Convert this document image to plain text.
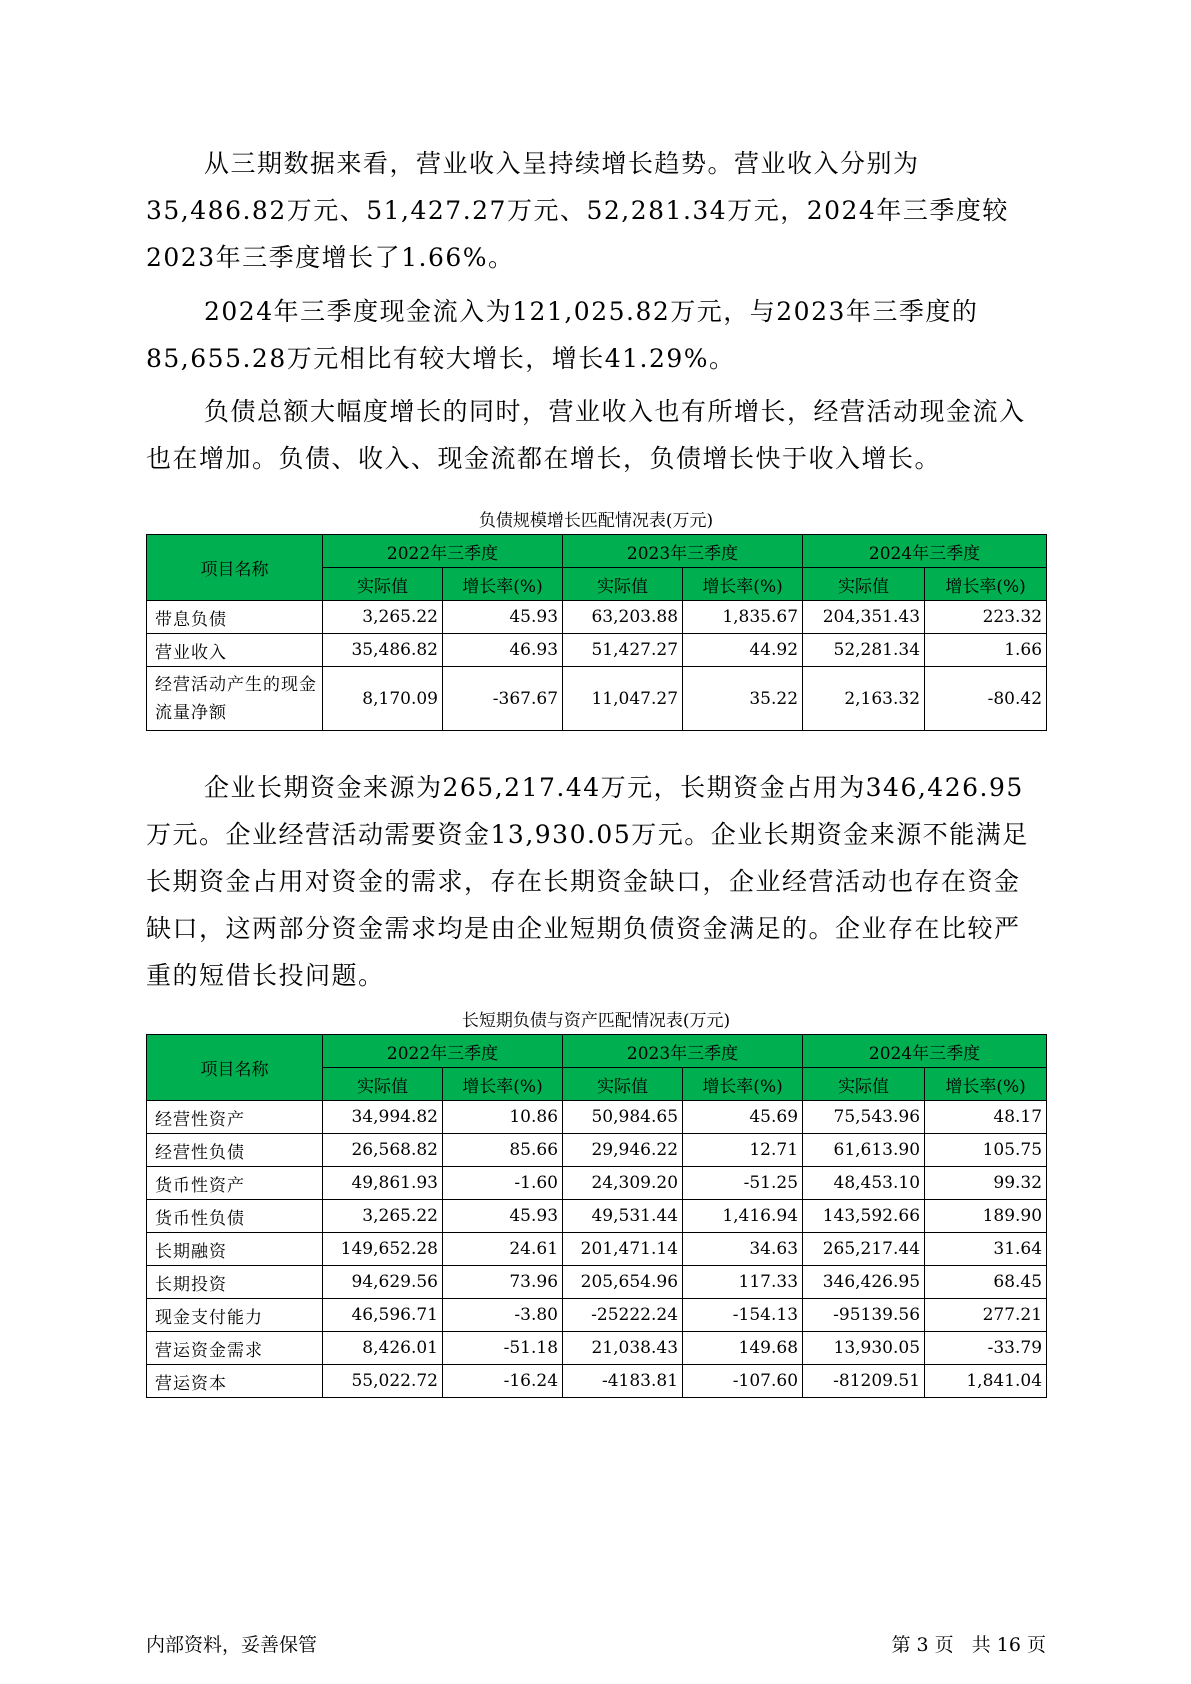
从三期数据来看，营业收入呈持续增长趋势。营业收入分别为35,486.82万元、51,427.27万元、52,281.34万元，2024年三季度较2023年三季度增长了1.66%。

2024年三季度现金流入为121,025.82万元，与2023年三季度的85,655.28万元相比有较大增长，增长41.29%。

负债总额大幅度增长的同时，营业收入也有所增长，经营活动现金流入也在增加。负债、收入、现金流都在增长，负债增长快于收入增长。

负债规模增长匹配情况表(万元)
项目名称	2022年三季度		2023年三季度		2024年三季度	
	实际值	增长率(%)	实际值	增长率(%)	实际值	增长率(%)
带息负债	3,265.22	45.93	63,203.88	1,835.67	204,351.43	223.32
营业收入	35,486.82	46.93	51,427.27	44.92	52,281.34	1.66
经营活动产生的现金流量净额	8,170.09	-367.67	11,047.27	35.22	2,163.32	-80.42

企业长期资金来源为265,217.44万元，长期资金占用为346,426.95万元。企业经营活动需要资金13,930.05万元。企业长期资金来源不能满足长期资金占用对资金的需求，存在长期资金缺口，企业经营活动也存在资金缺口，这两部分资金需求均是由企业短期负债资金满足的。企业存在比较严重的短借长投问题。

长短期负债与资产匹配情况表(万元)
项目名称	2022年三季度		2023年三季度		2024年三季度	
	实际值	增长率(%)	实际值	增长率(%)	实际值	增长率(%)
经营性资产	34,994.82	10.86	50,984.65	45.69	75,543.96	48.17
经营性负债	26,568.82	85.66	29,946.22	12.71	61,613.90	105.75
货币性资产	49,861.93	-1.60	24,309.20	-51.25	48,453.10	99.32
货币性负债	3,265.22	45.93	49,531.44	1,416.94	143,592.66	189.90
长期融资	149,652.28	24.61	201,471.14	34.63	265,217.44	31.64
长期投资	94,629.56	73.96	205,654.96	117.33	346,426.95	68.45
现金支付能力	46,596.71	-3.80	-25222.24	-154.13	-95139.56	277.21
营运资金需求	8,426.01	-51.18	21,038.43	149.68	13,930.05	-33.79
营运资本	55,022.72	-16.24	-4183.81	-107.60	-81209.51	1,841.04
内部资料，妥善保管	第 3 页   共 16 页
